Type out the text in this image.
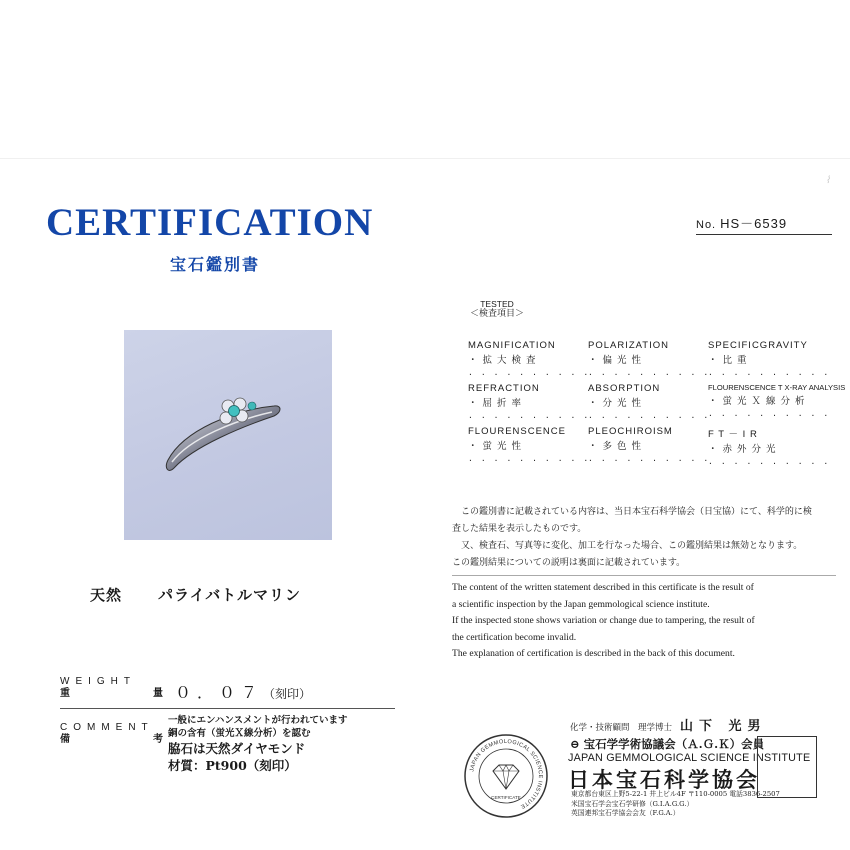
⌇
CERTIFICATION
宝石鑑別書
No. HS－6539
天然 パライバトルマリン
WEIGHT
重	量 ０．０７（刻印）
COMMENT
備	考
一般にエンハンスメントが行われています
銅の含有（蛍光Ｘ線分析）を認む
脇石は天然ダイヤモンド
材質：Pt900（刻印）
TESTED
＜検査項目＞
MAGNIFICATION
・拡大検査
··········
POLARIZATION
・偏光性
··········
SPECIFICGRAVITY
・比重
··········
REFRACTION
・屈折率
··········
ABSORPTION
・分光性
··········
FLOURENSCENCE T X-RAY ANALYSIS
・蛍光Ｘ線分析
··········
FLOURENSCENCE
・蛍光性
··········
PLEOCHIROISM
・多色性
··········
F T － I R
・赤外分光
··········

この鑑別書に記載されている内容は、当日本宝石科学協会（日宝協）にて、科学的に検

査した結果を表示したものです。

又、検査石、写真等に変化、加工を行なった場合、この鑑別結果は無効となります。

この鑑別結果についての説明は裏面に記載されています。

The content of the written statement described in this certificate is the result of

a scientific inspection by the Japan gemmological science institute.

If the inspected stone shows variation or change due to tampering, the result of

the certification become invalid.

The explanation of certification is described in the back of this document.

JAPAN GEMMOLOGICAL SCIENCE INSTITUTE
CERTIFICATE
化学・技術顧問　理学博士 山下 光男
⊖ 宝石学学術協議会（Ａ.Ｇ.Ｋ）会員
JAPAN GEMMOLOGICAL SCIENCE INSTITUTE
日本宝石科学協会
東京都台東区上野5-22-1 井上ビル4F 〒110-0005 電話3836-2507
米国宝石学会宝石学研修（G.I.A.G.G.）
英国連邦宝石学協会会友（F.G.A.）
